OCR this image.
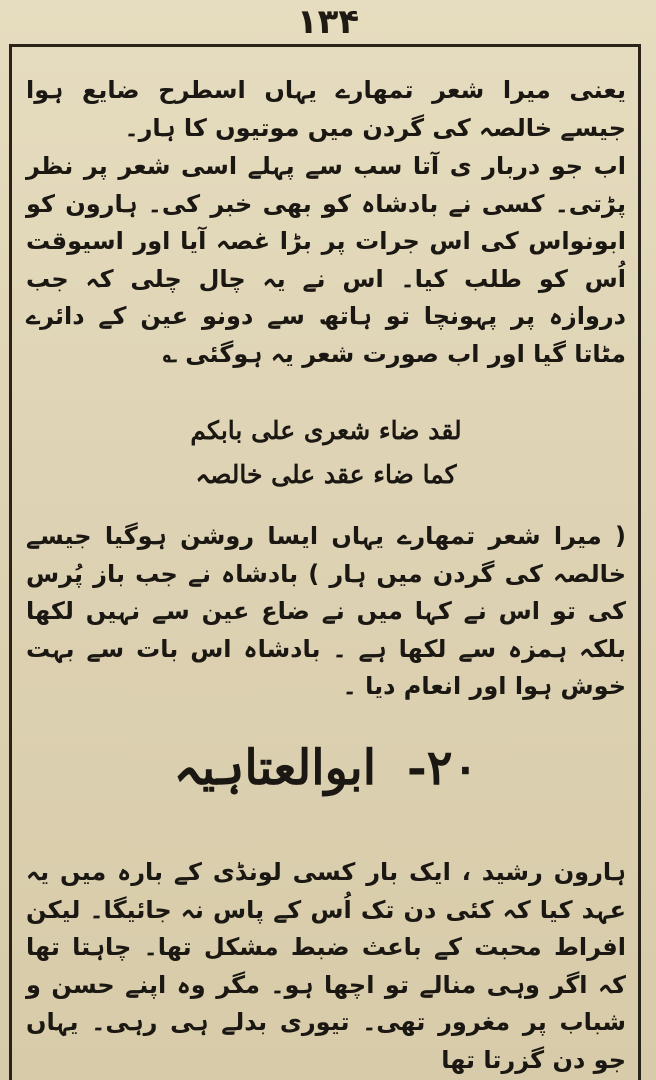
۱۳۴

یعنی میرا شعر تمھارے یہاں اسطرح ضایع ہوا جیسے خالصہ کی گردن میں موتیوں کا ہار۔

اب جو دربار ی آتا سب سے پہلے اسی شعر پر نظر پڑتی۔ کسی نے بادشاہ کو بھی خبر کی۔ ہارون کو ابونواس کی اس جرات پر بڑا غصہ آیا اور اسیوقت اُس کو طلب کیا۔ اس نے یہ چال چلی کہ جب دروازہ پر پہونچا تو ہاتھ سے دونو عین کے دائرے مٹاتا گیا اور اب صورت شعر یہ ہوگئی ؎

لقد ضاء شعری علی بابکم
کما ضاء عقد علی خالصہ

( میرا شعر تمھارے یہاں ایسا روشن ہوگیا جیسے خالصہ کی گردن میں ہار ) بادشاہ نے جب باز پُرس کی تو اس نے کہا میں نے ضاع عین سے نہیں لکھا بلکہ ہمزہ سے لکھا ہے ۔ بادشاہ اس بات سے بہت خوش ہوا اور انعام دیا ۔

۲۰- ابوالعتاہیہ

ہارون رشید ، ایک بار کسی لونڈی کے بارہ میں یہ عہد کیا کہ کئی دن تک اُس کے پاس نہ جائیگا۔ لیکن افراط محبت کے باعث ضبط مشکل تھا۔ چاہتا تھا کہ اگر وہی منالے تو اچھا ہو۔ مگر وہ اپنے حسن و شباب پر مغرور تھی۔ تیوری بدلے ہی رہی۔ یہاں جو دن گزرتا تھا
